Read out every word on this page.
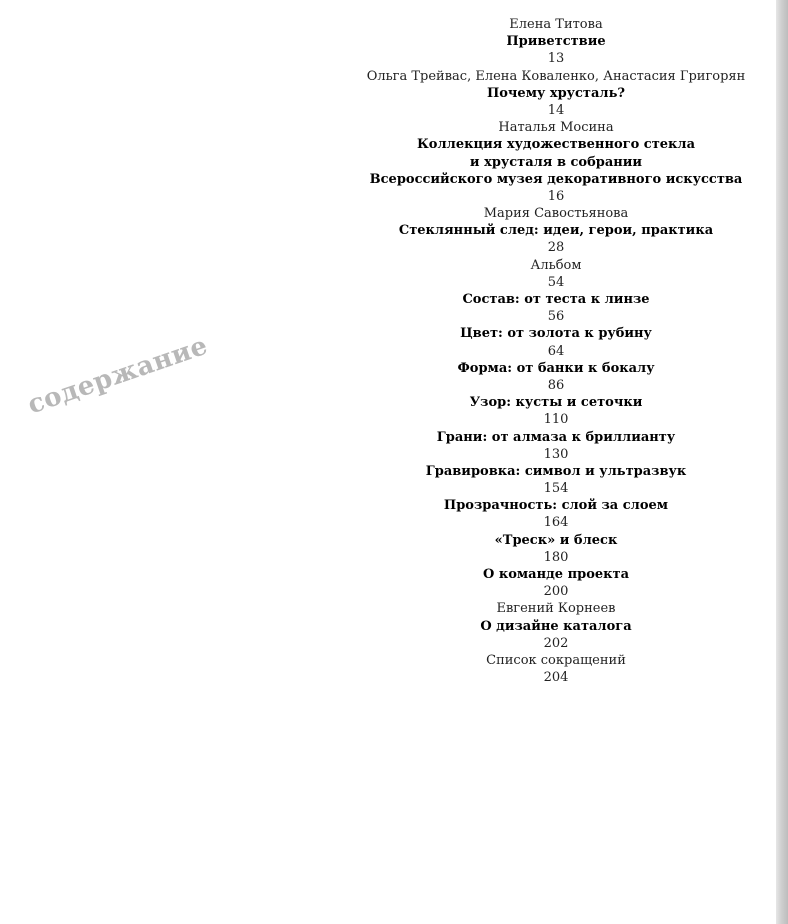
содержание
Елена Титова
Приветствие
13
Ольга Трейвас, Елена Коваленко, Анастасия Григорян
Почему хрусталь?
14
Наталья Мосина
Коллекция художественного стекла
и хрусталя в собрании
Всероссийского музея декоративного искусства
16
Мария Савостьянова
Стеклянный след: идеи, герои, практика
28
Альбом
54
Состав: от теста к линзе
56
Цвет: от золота к рубину
64
Форма: от банки к бокалу
86
Узор: кусты и сеточки
110
Грани: от алмаза к бриллианту
130
Гравировка: символ и ультразвук
154
Прозрачность: слой за слоем
164
«Треск» и блеск
180
О команде проекта
200
Евгений Корнеев
О дизайне каталога
202
Список сокращений
204
